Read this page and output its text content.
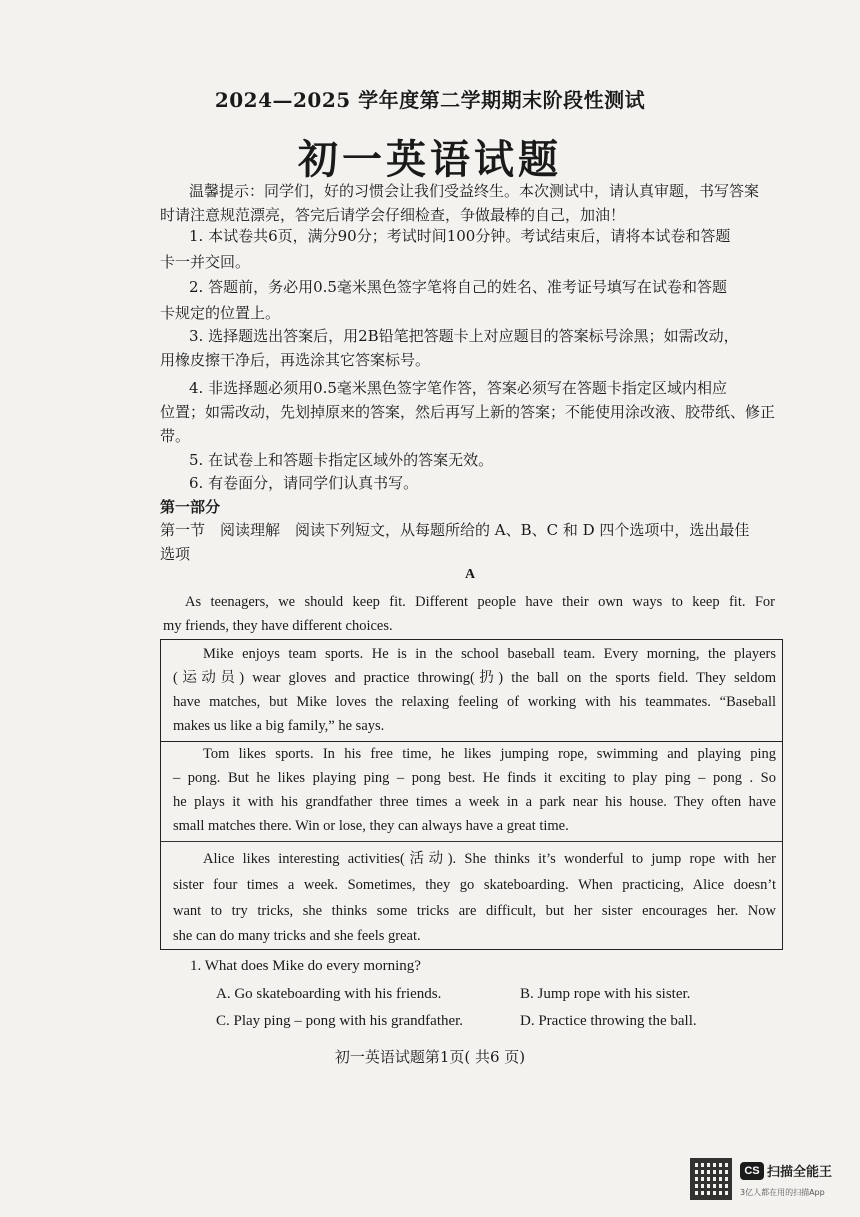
2024—2025 学年度第二学期期末阶段性测试
初一英语试题
温馨提示：同学们，好的习惯会让我们受益终生。本次测试中，请认真审题，书写答案
时请注意规范漂亮，答完后请学会仔细检查，争做最棒的自己，加油！
1. 本试卷共6页，满分90分；考试时间100分钟。考试结束后，请将本试卷和答题
卡一并交回。
2. 答题前，务必用0.5毫米黑色签字笔将自己的姓名、准考证号填写在试卷和答题
卡规定的位置上。
3. 选择题选出答案后，用2B铅笔把答题卡上对应题目的答案标号涂黑；如需改动，
用橡皮擦干净后，再选涂其它答案标号。
4. 非选择题必须用0.5毫米黑色签字笔作答，答案必须写在答题卡指定区域内相应
位置；如需改动，先划掉原来的答案，然后再写上新的答案；不能使用涂改液、胶带纸、修正
带。
5. 在试卷上和答题卡指定区域外的答案无效。
6. 有卷面分，请同学们认真书写。
第一部分
第一节　阅读理解　阅读下列短文，从每题所给的 A、B、C 和 D 四个选项中，选出最佳
选项
A
As teenagers, we should keep fit. Different people have their own ways to keep fit. For
my friends, they have different choices.
Mike enjoys team sports. He is in the school baseball team. Every morning, the players
(运动员) wear gloves and practice throwing(扔) the ball on the sports field. They seldom
have matches, but Mike loves the relaxing feeling of working with his teammates. “Baseball
makes us like a big family,” he says.
Tom likes sports. In his free time, he likes jumping rope, swimming and playing ping
– pong. But he likes playing ping – pong best. He finds it exciting to play ping – pong . So
he plays it with his grandfather three times a week in a park near his house. They often have
small matches there. Win or lose, they can always have a great time.
Alice likes interesting activities(活动). She thinks it’s wonderful to jump rope with her
sister four times a week. Sometimes, they go skateboarding. When practicing, Alice doesn’t
want to try tricks, she thinks some tricks are difficult, but her sister encourages her. Now
she can do many tricks and she feels great.
1. What does Mike do every morning?
A. Go skateboarding with his friends.	B. Jump rope with his sister.
C. Play ping – pong with his grandfather.	D. Practice throwing the ball.
初一英语试题第1页( 共6 页)
CS 扫描全能王
3亿人都在用的扫描App
